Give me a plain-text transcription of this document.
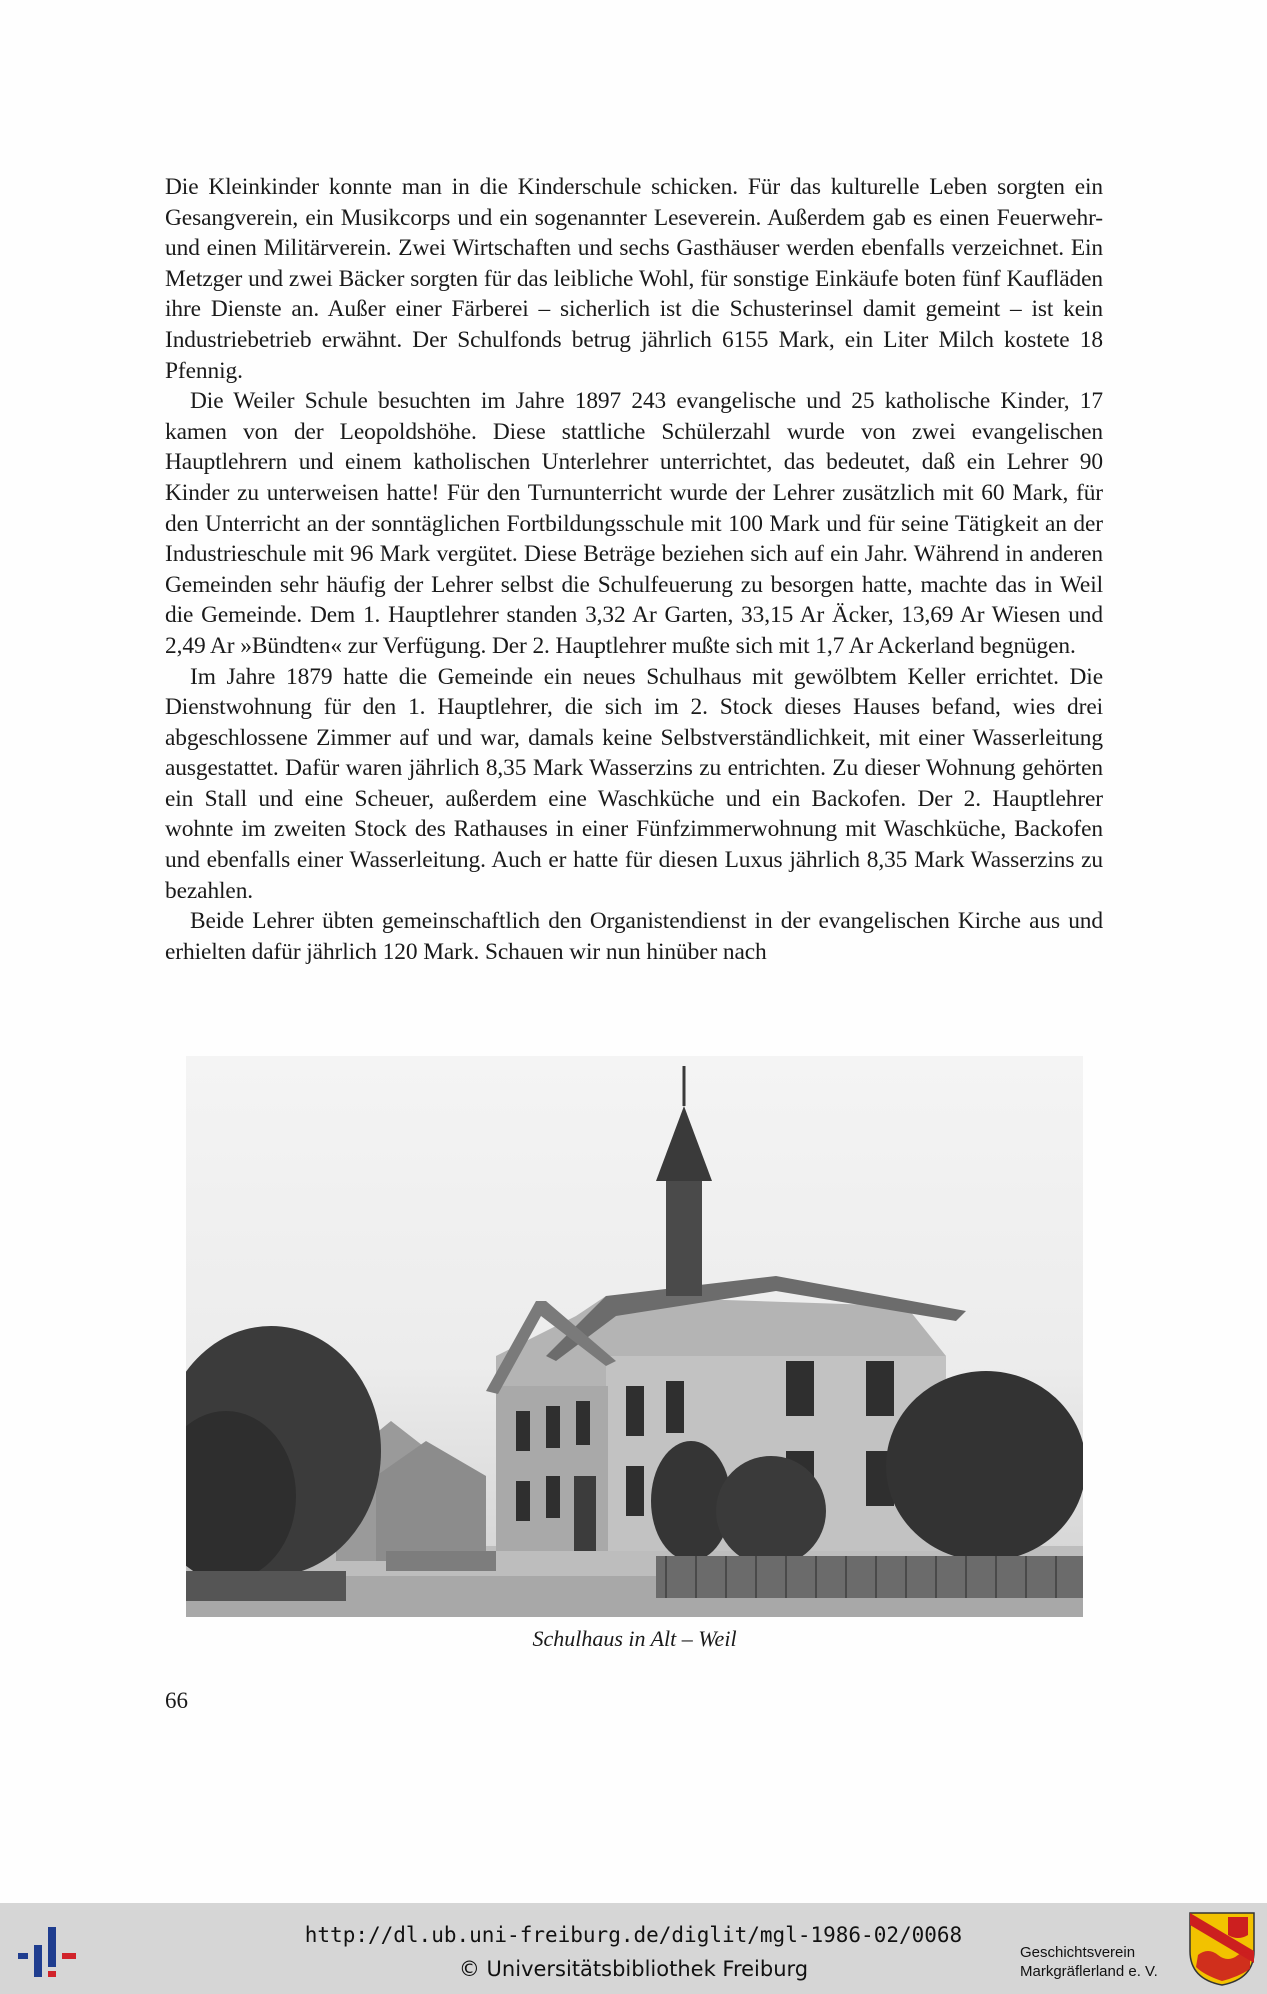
Die Kleinkinder konnte man in die Kinderschule schicken. Für das kulturelle Leben sorgten ein Gesangverein, ein Musikcorps und ein sogenannter Leseverein. Außerdem gab es einen Feuerwehr- und einen Militärverein. Zwei Wirtschaften und sechs Gasthäuser werden ebenfalls verzeichnet. Ein Metzger und zwei Bäcker sorgten für das leibliche Wohl, für sonstige Einkäufe boten fünf Kaufläden ihre Dienste an. Außer einer Färberei – sicherlich ist die Schusterinsel damit gemeint – ist kein Industriebetrieb erwähnt. Der Schulfonds betrug jährlich 6155 Mark, ein Liter Milch kostete 18 Pfennig.

Die Weiler Schule besuchten im Jahre 1897 243 evangelische und 25 katholische Kinder, 17 kamen von der Leopoldshöhe. Diese stattliche Schülerzahl wurde von zwei evangelischen Hauptlehrern und einem katholischen Unterlehrer unterrichtet, das bedeutet, daß ein Lehrer 90 Kinder zu unterweisen hatte! Für den Turnunterricht wurde der Lehrer zusätzlich mit 60 Mark, für den Unterricht an der sonntäglichen Fortbildungsschule mit 100 Mark und für seine Tätigkeit an der Industrieschule mit 96 Mark vergütet. Diese Beträge beziehen sich auf ein Jahr. Während in anderen Gemeinden sehr häufig der Lehrer selbst die Schulfeuerung zu besorgen hatte, machte das in Weil die Gemeinde. Dem 1. Hauptlehrer standen 3,32 Ar Garten, 33,15 Ar Äcker, 13,69 Ar Wiesen und 2,49 Ar »Bündten« zur Verfügung. Der 2. Hauptlehrer mußte sich mit 1,7 Ar Ackerland begnügen.

Im Jahre 1879 hatte die Gemeinde ein neues Schulhaus mit gewölbtem Keller errichtet. Die Dienstwohnung für den 1. Hauptlehrer, die sich im 2. Stock dieses Hauses befand, wies drei abgeschlossene Zimmer auf und war, damals keine Selbstverständlichkeit, mit einer Wasserleitung ausgestattet. Dafür waren jährlich 8,35 Mark Wasserzins zu entrichten. Zu dieser Wohnung gehörten ein Stall und eine Scheuer, außerdem eine Waschküche und ein Backofen. Der 2. Hauptlehrer wohnte im zweiten Stock des Rathauses in einer Fünfzimmerwohnung mit Waschküche, Backofen und ebenfalls einer Wasserleitung. Auch er hatte für diesen Luxus jährlich 8,35 Mark Wasserzins zu bezahlen.

Beide Lehrer übten gemeinschaftlich den Organistendienst in der evangelischen Kirche aus und erhielten dafür jährlich 120 Mark. Schauen wir nun hinüber nach

Schulhaus in Alt – Weil
66
http://dl.ub.uni-freiburg.de/diglit/mgl-1986-02/0068
© Universitätsbibliothek Freiburg
Geschichtsverein
Markgräflerland e. V.
